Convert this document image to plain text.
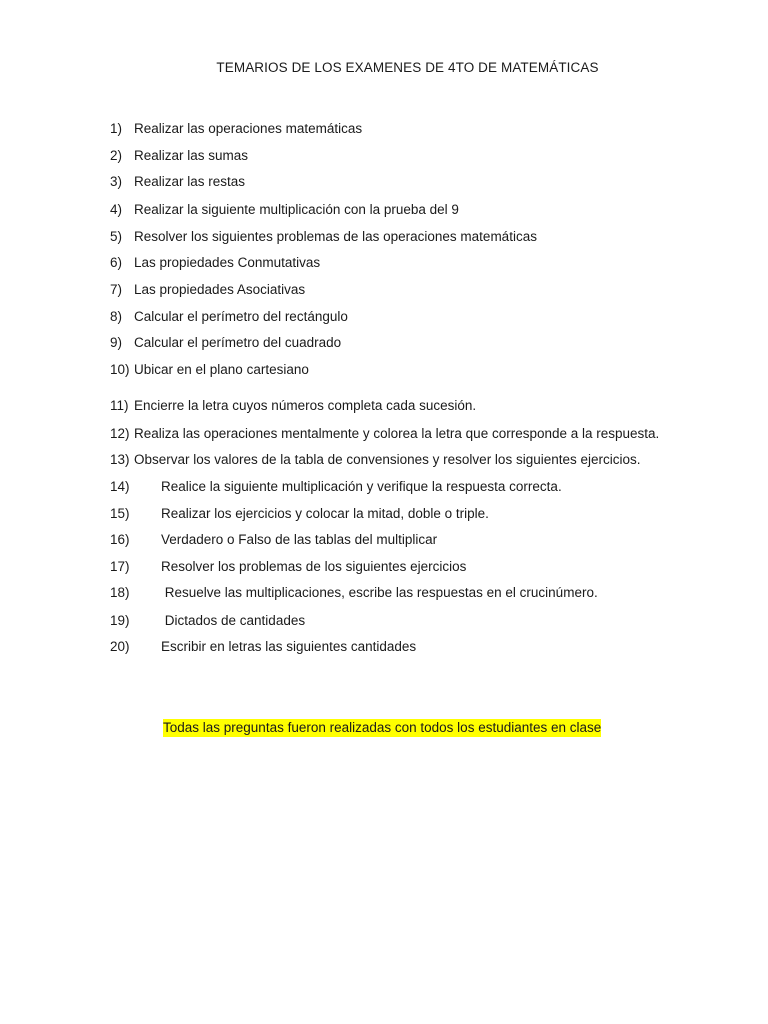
TEMARIOS DE LOS EXAMENES DE 4TO DE MATEMÁTICAS
1) Realizar las operaciones matemáticas
2) Realizar las sumas
3) Realizar las restas
4) Realizar la siguiente multiplicación con la prueba del 9
5) Resolver los siguientes problemas de las operaciones matemáticas
6) Las propiedades Conmutativas
7) Las propiedades Asociativas
8) Calcular el perímetro del rectángulo
9) Calcular el perímetro del cuadrado
10) Ubicar en el plano cartesiano
11) Encierre la letra cuyos números completa cada sucesión.
12) Realiza las operaciones mentalmente y colorea la letra que corresponde a la respuesta.
13) Observar los valores de la tabla de convensiones y resolver los siguientes ejercicios.
14) Realice la siguiente multiplicación y verifique la respuesta correcta.
15) Realizar los ejercicios y colocar la mitad, doble o triple.
16) Verdadero o Falso de las tablas del multiplicar
17) Resolver los problemas de los siguientes ejercicios
18) Resuelve las multiplicaciones, escribe las respuestas en el crucinúmero.
19) Dictados de cantidades
20) Escribir en letras las siguientes cantidades
Todas las preguntas fueron realizadas con todos los estudiantes en clase
